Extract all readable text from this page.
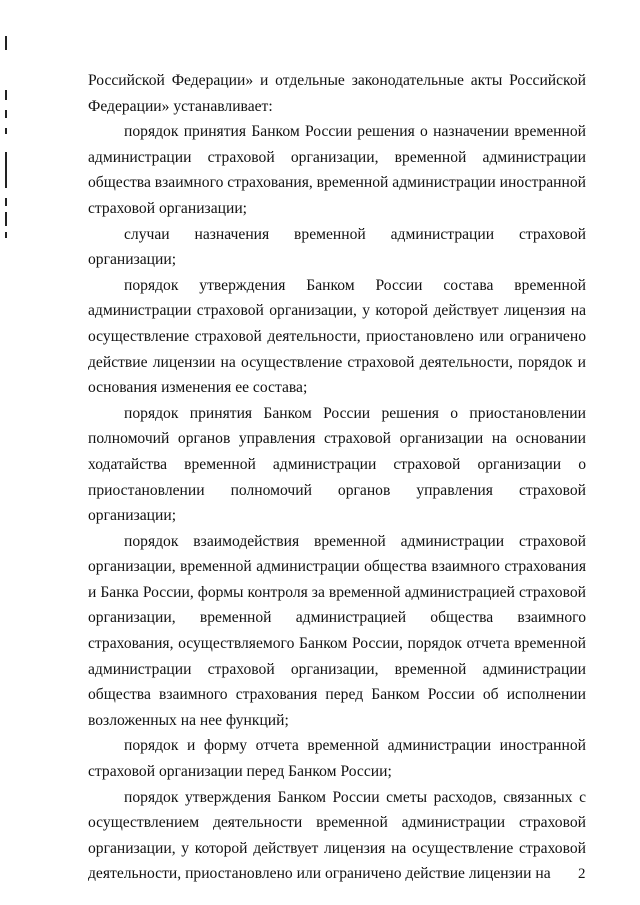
Российской Федерации» и отдельные законодательные акты Российской Федерации» устанавливает:

порядок принятия Банком России решения о назначении временной администрации страховой организации, временной администрации общества взаимного страхования, временной администрации иностранной страховой организации;

случаи назначения временной администрации страховой организации;

порядок утверждения Банком России состава временной администрации страховой организации, у которой действует лицензия на осуществление страховой деятельности, приостановлено или ограничено действие лицензии на осуществление страховой деятельности, порядок и основания изменения ее состава;

порядок принятия Банком России решения о приостановлении полномочий органов управления страховой организации на основании ходатайства временной администрации страховой организации о приостановлении полномочий органов управления страховой организации;

порядок взаимодействия временной администрации страховой организации, временной администрации общества взаимного страхования и Банка России, формы контроля за временной администрацией страховой организации, временной администрацией общества взаимного страхования, осуществляемого Банком России, порядок отчета временной администрации страховой организации, временной администрации общества взаимного страхования перед Банком России об исполнении возложенных на нее функций;

порядок и форму отчета временной администрации иностранной страховой организации перед Банком России;

порядок утверждения Банком России сметы расходов, связанных с осуществлением деятельности временной администрации страховой организации, у которой действует лицензия на осуществление страховой деятельности, приостановлено или ограничено действие лицензии на	2
